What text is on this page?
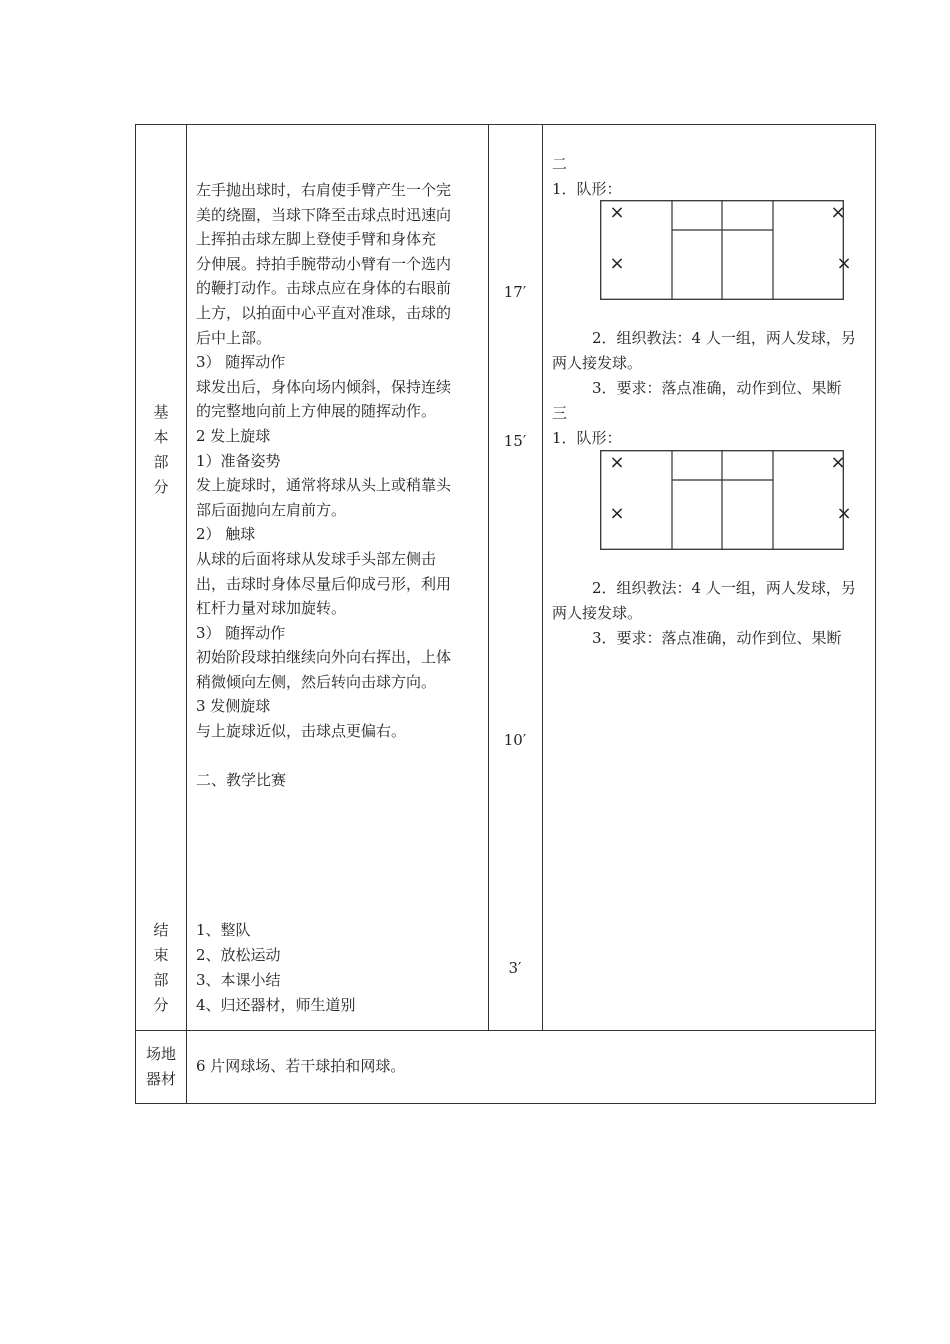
基
本
部
分
结
束
部
分

左手抛出球时，右肩使手臂产生一个完

美的绕圈，当球下降至击球点时迅速向

上挥拍击球左脚上登使手臂和身体充

分伸展。持拍手腕带动小臂有一个选内

的鞭打动作。击球点应在身体的右眼前

上方，以拍面中心平直对准球，击球的

后中上部。

3） 随挥动作

球发出后，身体向场内倾斜，保持连续

的完整地向前上方伸展的随挥动作。

2 发上旋球

1）准备姿势

发上旋球时，通常将球从头上或稍靠头

部后面抛向左肩前方。

2） 触球

从球的后面将球从发球手头部左侧击

出，击球时身体尽量后仰成弓形，利用

杠杆力量对球加旋转。

3） 随挥动作

初始阶段球拍继续向外向右挥出，上体

稍微倾向左侧，然后转向击球方向。

3 发侧旋球

与上旋球近似，击球点更偏右。

二、教学比赛

17′
15′
10′
3′

二

1．队形：

×
×
×
×

2．组织教法：4 人一组，两人发球，另

两人接发球。

3．要求：落点准确，动作到位、果断

三

1．队形：

×
×
×
×

2．组织教法：4 人一组，两人发球，另

两人接发球。

3．要求：落点准确，动作到位、果断

1、整队

2、放松运动

3、本课小结

4、归还器材，师生道别

场地
器材
6 片网球场、若干球拍和网球。
